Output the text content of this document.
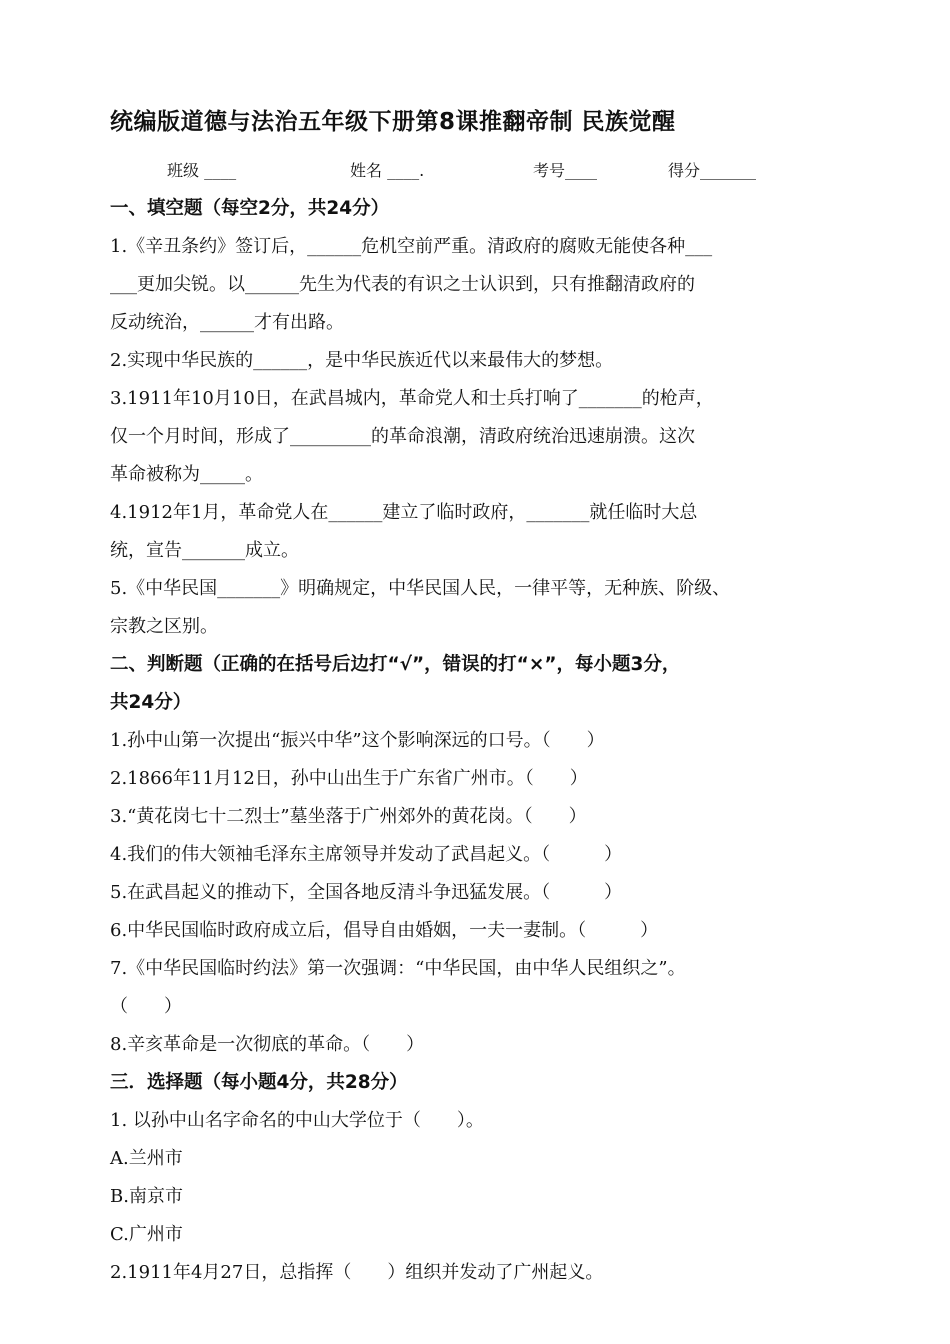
统编版道德与法治五年级下册第8课推翻帝制 民族觉醒
班级 ____	姓名 ____.	考号____	得分_______

一、填空题（每空2分，共24分）

1.《辛丑条约》签订后，______危机空前严重。清政府的腐败无能使各种___

___更加尖锐。以______先生为代表的有识之士认识到，只有推翻清政府的

反动统治，______才有出路。

2.实现中华民族的______，是中华民族近代以来最伟大的梦想。

3.1911年10月10日，在武昌城内，革命党人和士兵打响了_______的枪声，

仅一个月时间，形成了_________的革命浪潮，清政府统治迅速崩溃。这次

革命被称为_____。

4.1912年1月，革命党人在______建立了临时政府，_______就任临时大总

统，宣告_______成立。

5.《中华民国_______》明确规定，中华民国人民，一律平等，无种族、阶级、

宗教之区别。

二、判断题（正确的在括号后边打“√”，错误的打“×”，每小题3分，

共24分）

1.孙中山第一次提出“振兴中华”这个影响深远的口号。（　　）

2.1866年11月12日，孙中山出生于广东省广州市。（　　）

3.“黄花岗七十二烈士”墓坐落于广州郊外的黄花岗。（　　）

4.我们的伟大领袖毛泽东主席领导并发动了武昌起义。（　　　）

5.在武昌起义的推动下，全国各地反清斗争迅猛发展。（　　　）

6.中华民国临时政府成立后，倡导自由婚姻，一夫一妻制。（　　　）

7.《中华民国临时约法》第一次强调：“中华民国，由中华人民组织之”。

（　　）

8.辛亥革命是一次彻底的革命。（　　）

三．选择题（每小题4分，共28分）

1. 以孙中山名字命名的中山大学位于（　　）。

A.兰州市

B.南京市

C.广州市

2.1911年4月27日，总指挥（　　）组织并发动了广州起义。
